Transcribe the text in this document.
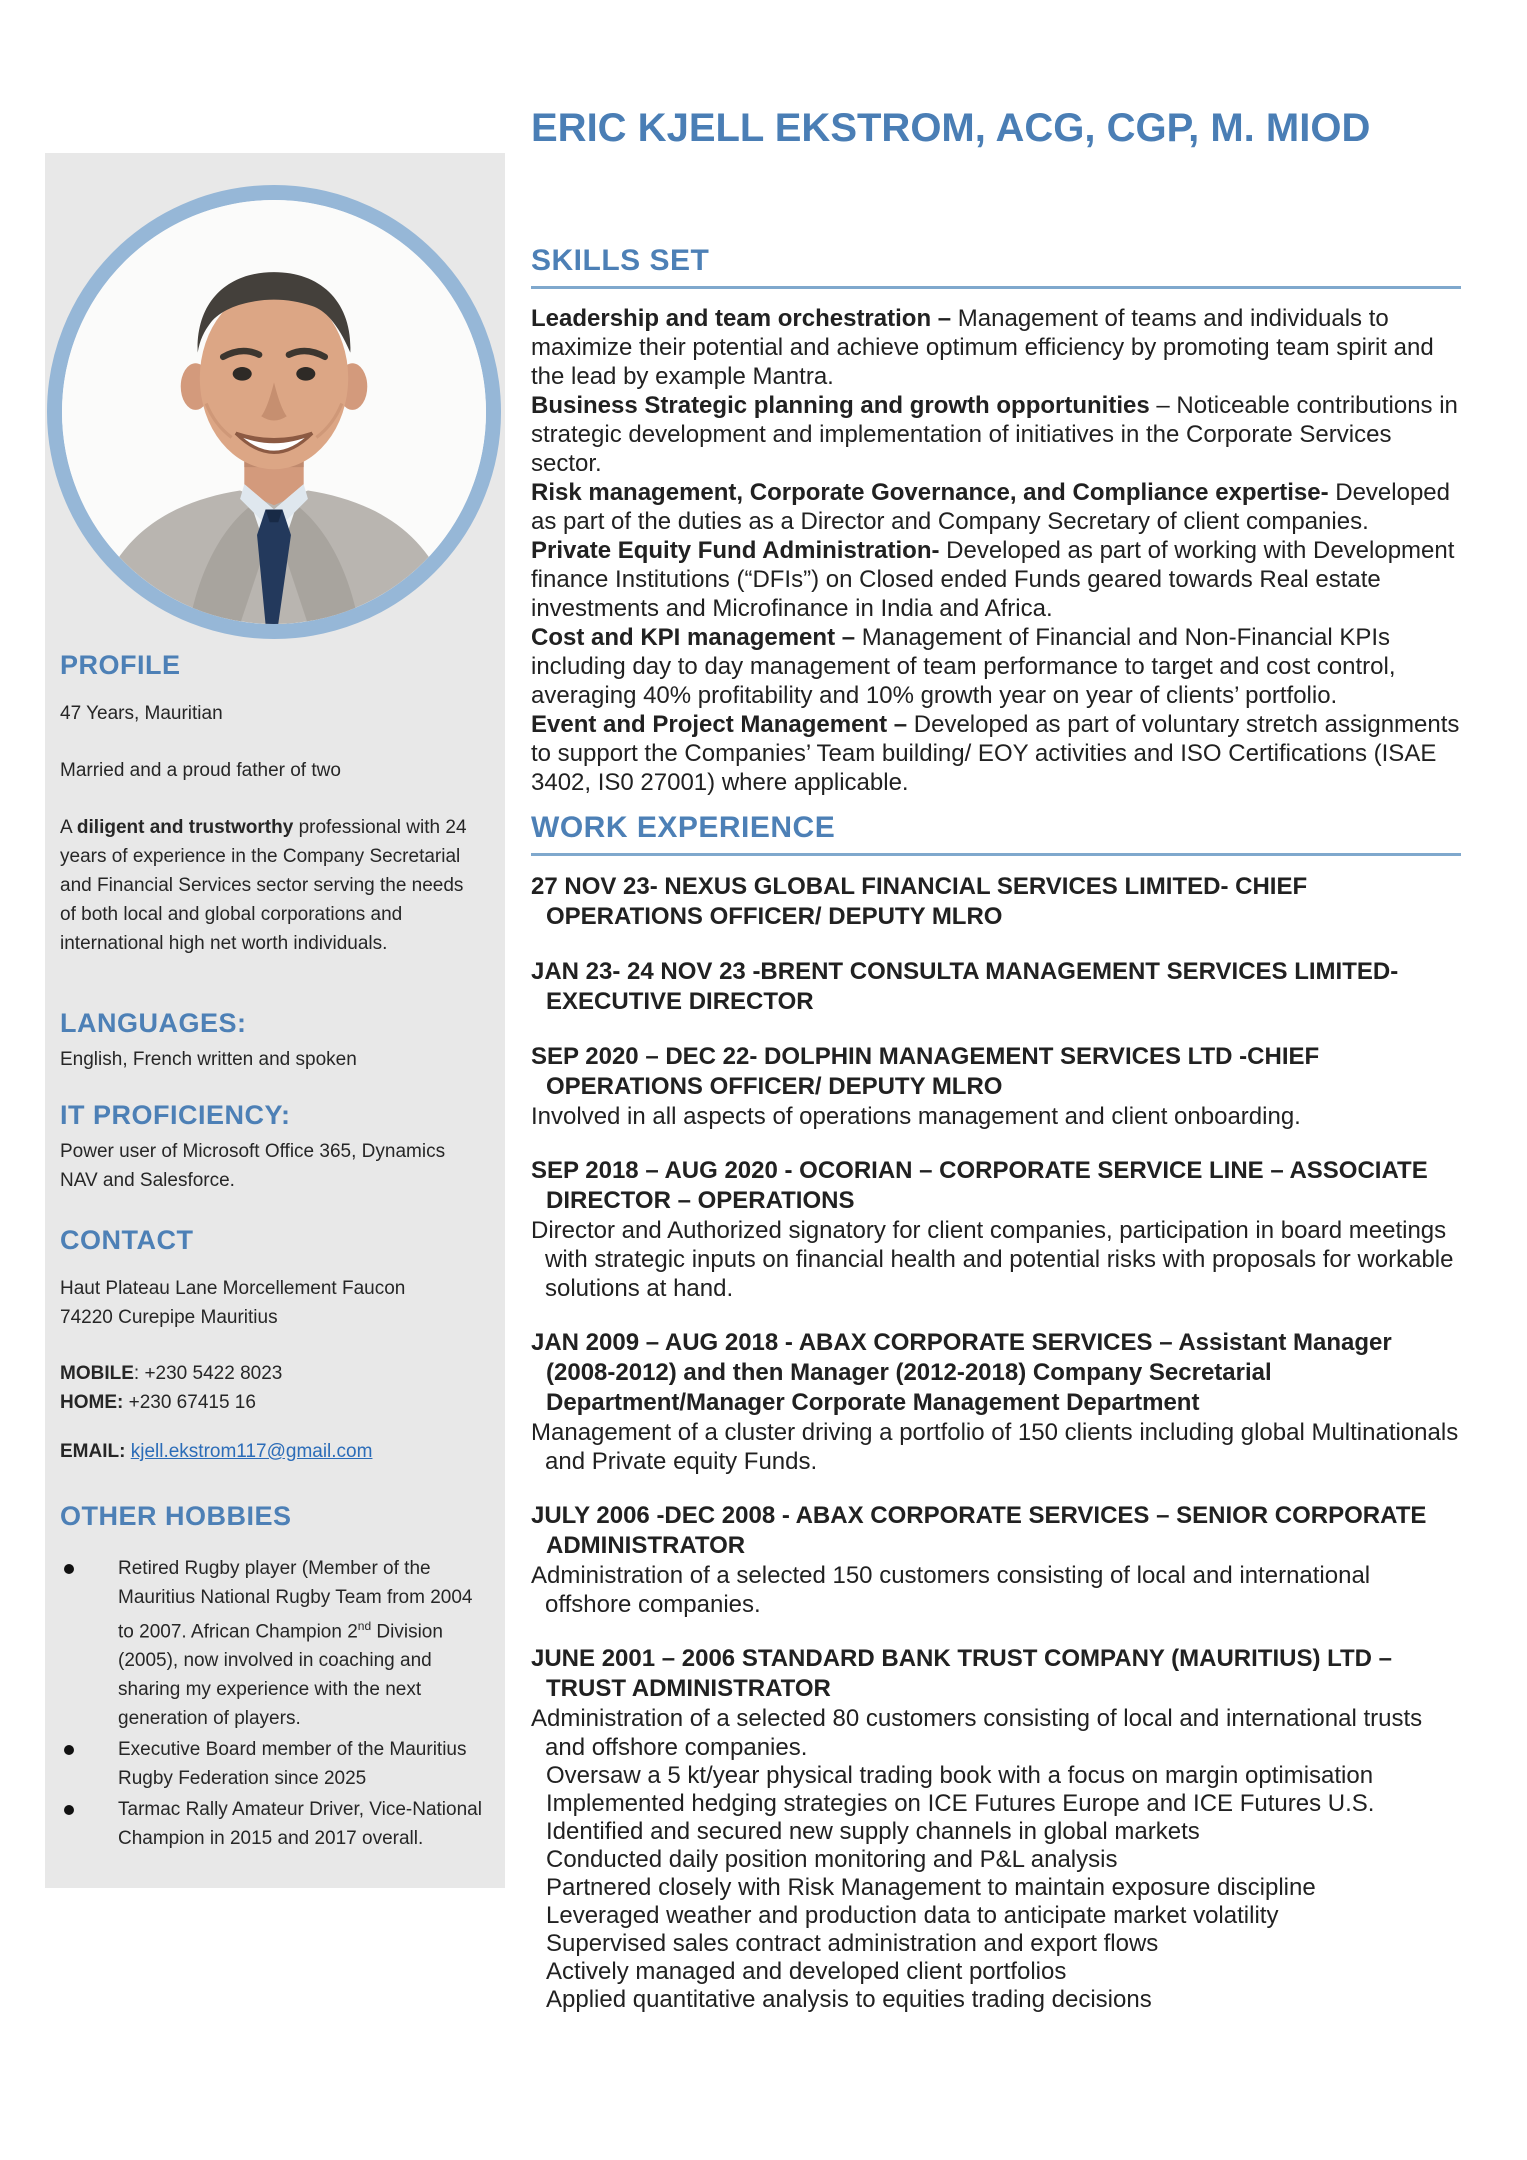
PROFILE

47 Years, Mauritian

Married and a proud father of two

A diligent and trustworthy professional with 24 years of experience in the Company Secretarial and Financial Services sector serving the needs of both local and global corporations and international high net worth individuals.

LANGUAGES:

English, French written and spoken

IT PROFICIENCY:

Power user of Microsoft Office 365, Dynamics NAV and Salesforce.

CONTACT

Haut Plateau Lane Morcellement Faucon
74220 Curepipe Mauritius

MOBILE: +230 5422 8023
HOME: +230 67415 16

EMAIL: kjell.ekstrom117@gmail.com

OTHER HOBBIES
Retired Rugby player (Member of the Mauritius National Rugby Team from 2004 to 2007. African Champion 2nd Division (2005), now involved in coaching and sharing my experience with the next generation of players.
Executive Board member of the Mauritius Rugby Federation since 2025
Tarmac Rally Amateur Driver, Vice-National Champion in 2015 and 2017 overall.
ERIC KJELL EKSTROM, ACG, CGP, M. MIOD
SKILLS SET

Leadership and team orchestration – Management of teams and individuals to maximize their potential and achieve optimum efficiency by promoting team spirit and the lead by example Mantra.

Business Strategic planning and growth opportunities – Noticeable contributions in strategic development and implementation of initiatives in the Corporate Services sector.

Risk management, Corporate Governance, and Compliance expertise- Developed as part of the duties as a Director and Company Secretary of client companies.

Private Equity Fund Administration- Developed as part of working with Development finance Institutions (“DFIs”) on Closed ended Funds geared towards Real estate investments and Microfinance in India and Africa.

Cost and KPI management – Management of Financial and Non-Financial KPIs including day to day management of team performance to target and cost control, averaging 40% profitability and 10% growth year on year of clients’ portfolio.

Event and Project Management – Developed as part of voluntary stretch assignments to support the Companies’ Team building/ EOY activities and ISO Certifications (ISAE 3402, IS0 27001) where applicable.

WORK EXPERIENCE
27 NOV 23- NEXUS GLOBAL FINANCIAL SERVICES LIMITED- CHIEF
OPERATIONS OFFICER/ DEPUTY MLRO
JAN 23- 24 NOV 23 -BRENT CONSULTA MANAGEMENT SERVICES LIMITED-
EXECUTIVE DIRECTOR
SEP 2020 – DEC 22- DOLPHIN MANAGEMENT SERVICES LTD -CHIEF
OPERATIONS OFFICER/ DEPUTY MLRO

Involved in all aspects of operations management and client onboarding.

SEP 2018 – AUG 2020 - OCORIAN – CORPORATE SERVICE LINE – ASSOCIATE
DIRECTOR – OPERATIONS

Director and Authorized signatory for client companies, participation in board meetings with strategic inputs on financial health and potential risks with proposals for workable solutions at hand.

JAN 2009 – AUG 2018 - ABAX CORPORATE SERVICES – Assistant Manager
(2008-2012) and then Manager (2012-2018) Company Secretarial
Department/Manager Corporate Management Department

Management of a cluster driving a portfolio of 150 clients including global Multinationals and Private equity Funds.

JULY 2006 -DEC 2008 - ABAX CORPORATE SERVICES – SENIOR CORPORATE
ADMINISTRATOR

Administration of a selected 150 customers consisting of local and international offshore companies.

JUNE 2001 – 2006 STANDARD BANK TRUST COMPANY (MAURITIUS) LTD –
TRUST ADMINISTRATOR

Administration of a selected 80 customers consisting of local and international trusts and offshore companies.

Oversaw a 5 kt/year physical trading book with a focus on margin optimisation
Implemented hedging strategies on ICE Futures Europe and ICE Futures U.S.
Identified and secured new supply channels in global markets
Conducted daily position monitoring and P&L analysis
Partnered closely with Risk Management to maintain exposure discipline
Leveraged weather and production data to anticipate market volatility
Supervised sales contract administration and export flows
Actively managed and developed client portfolios
Applied quantitative analysis to equities trading decisions
